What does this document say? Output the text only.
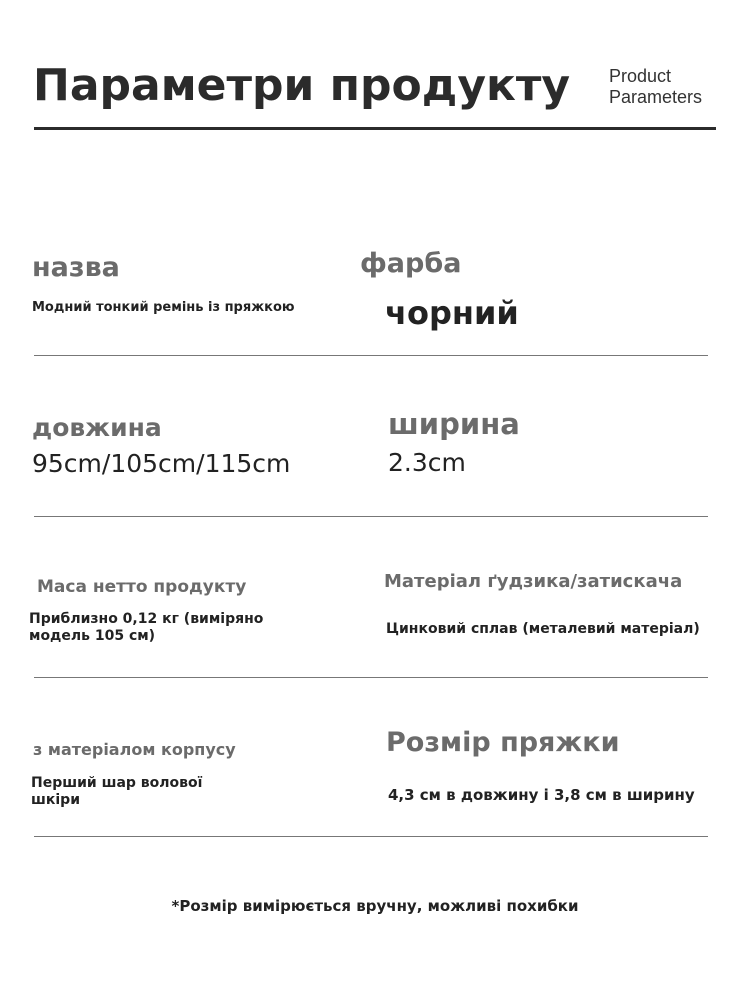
Параметри продукту Product
Parameters
назва
Модний тонкий ремінь із пряжкою
фарба
чорний
довжина
95cm/105cm/115cm
ширина
2.3cm
Маса нетто продукту
Приблизно 0,12 кг (виміряно
модель 105 см)
Матеріал ґудзика/затискача
Цинковий сплав (металевий матеріал)
з матеріалом корпусу
Перший шар волової
шкіри
Розмір пряжки
4,3 см в довжину і 3,8 см в ширину
*Розмір вимірюється вручну, можливі похибки
